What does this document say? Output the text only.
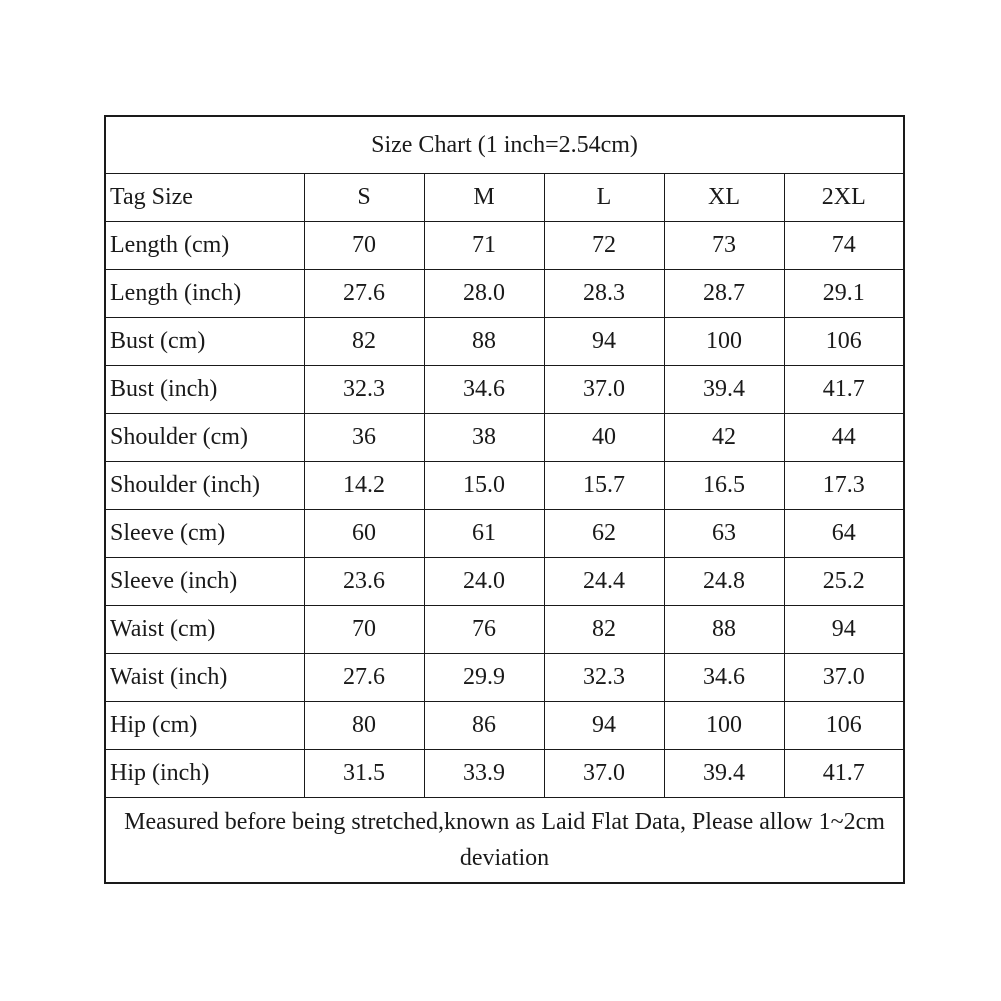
Size Chart (1 inch=2.54cm)					
Tag Size	S	M	L	XL	2XL
Length (cm)	70	71	72	73	74
Length (inch)	27.6	28.0	28.3	28.7	29.1
Bust (cm)	82	88	94	100	106
Bust (inch)	32.3	34.6	37.0	39.4	41.7
Shoulder (cm)	36	38	40	42	44
Shoulder (inch)	14.2	15.0	15.7	16.5	17.3
Sleeve (cm)	60	61	62	63	64
Sleeve (inch)	23.6	24.0	24.4	24.8	25.2
Waist (cm)	70	76	82	88	94
Waist (inch)	27.6	29.9	32.3	34.6	37.0
Hip (cm)	80	86	94	100	106
Hip (inch)	31.5	33.9	37.0	39.4	41.7
Measured before being stretched,known as Laid Flat Data, Please allow 1~2cm deviation					
